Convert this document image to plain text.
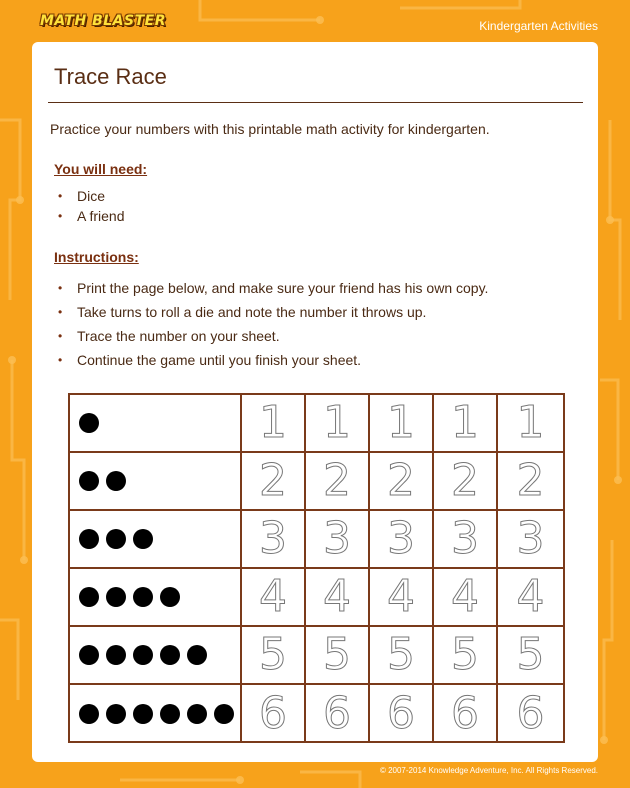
MATH BLASTER	Kindergarten Activities
Trace Race
Practice your numbers with this printable math activity for kindergarten.
You will need:
• Dice
• A friend
Instructions:
• Print the page below, and make sure your friend has his own copy.
• Take turns to roll a die and note the number it throws up.
• Trace the number on your sheet.
• Continue the game until you finish your sheet.
1 1 1 1 1
2 2 2 2 2
3 3 3 3 3
4 4 4 4 4
5 5 5 5 5
6 6 6 6 6
© 2007-2014 Knowledge Adventure, Inc. All Rights Reserved.
